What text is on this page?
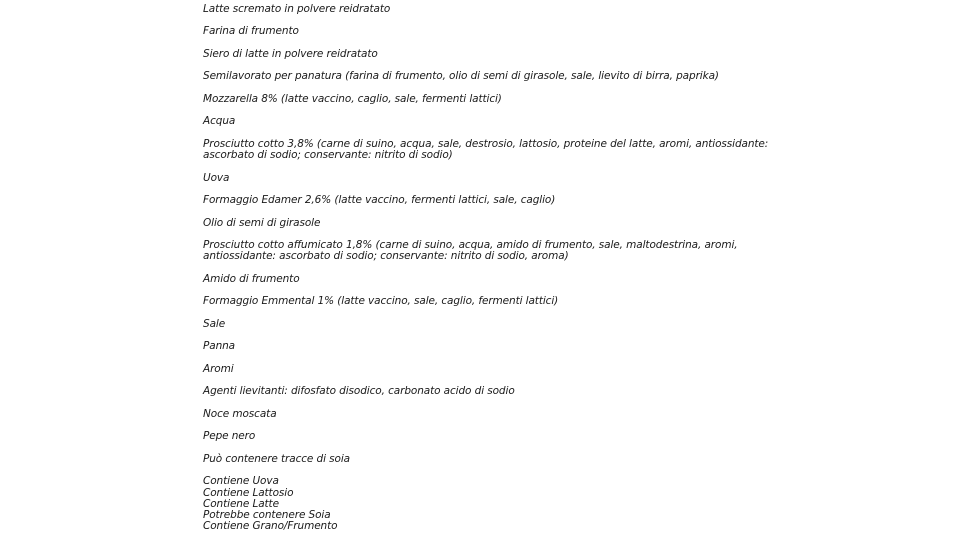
Latte scremato in polvere reidratato

Farina di frumento

Siero di latte in polvere reidratato

Semilavorato per panatura (farina di frumento, olio di semi di girasole, sale, lievito di birra, paprika)

Mozzarella 8% (latte vaccino, caglio, sale, fermenti lattici)

Acqua

Prosciutto cotto 3,8% (carne di suino, acqua, sale, destrosio, lattosio, proteine del latte, aromi, antiossidante: ascorbato di sodio; conservante: nitrito di sodio)

Uova

Formaggio Edamer 2,6% (latte vaccino, fermenti lattici, sale, caglio)

Olio di semi di girasole

Prosciutto cotto affumicato 1,8% (carne di suino, acqua, amido di frumento, sale, maltodestrina, aromi, antiossidante: ascorbato di sodio; conservante: nitrito di sodio, aroma)

Amido di frumento

Formaggio Emmental 1% (latte vaccino, sale, caglio, fermenti lattici)

Sale

Panna

Aromi

Agenti lievitanti: difosfato disodico, carbonato acido di sodio

Noce moscata

Pepe nero

Può contenere tracce di soia

Contiene Uova
Contiene Lattosio
Contiene Latte
Potrebbe contenere Soia
Contiene Grano/Frumento
